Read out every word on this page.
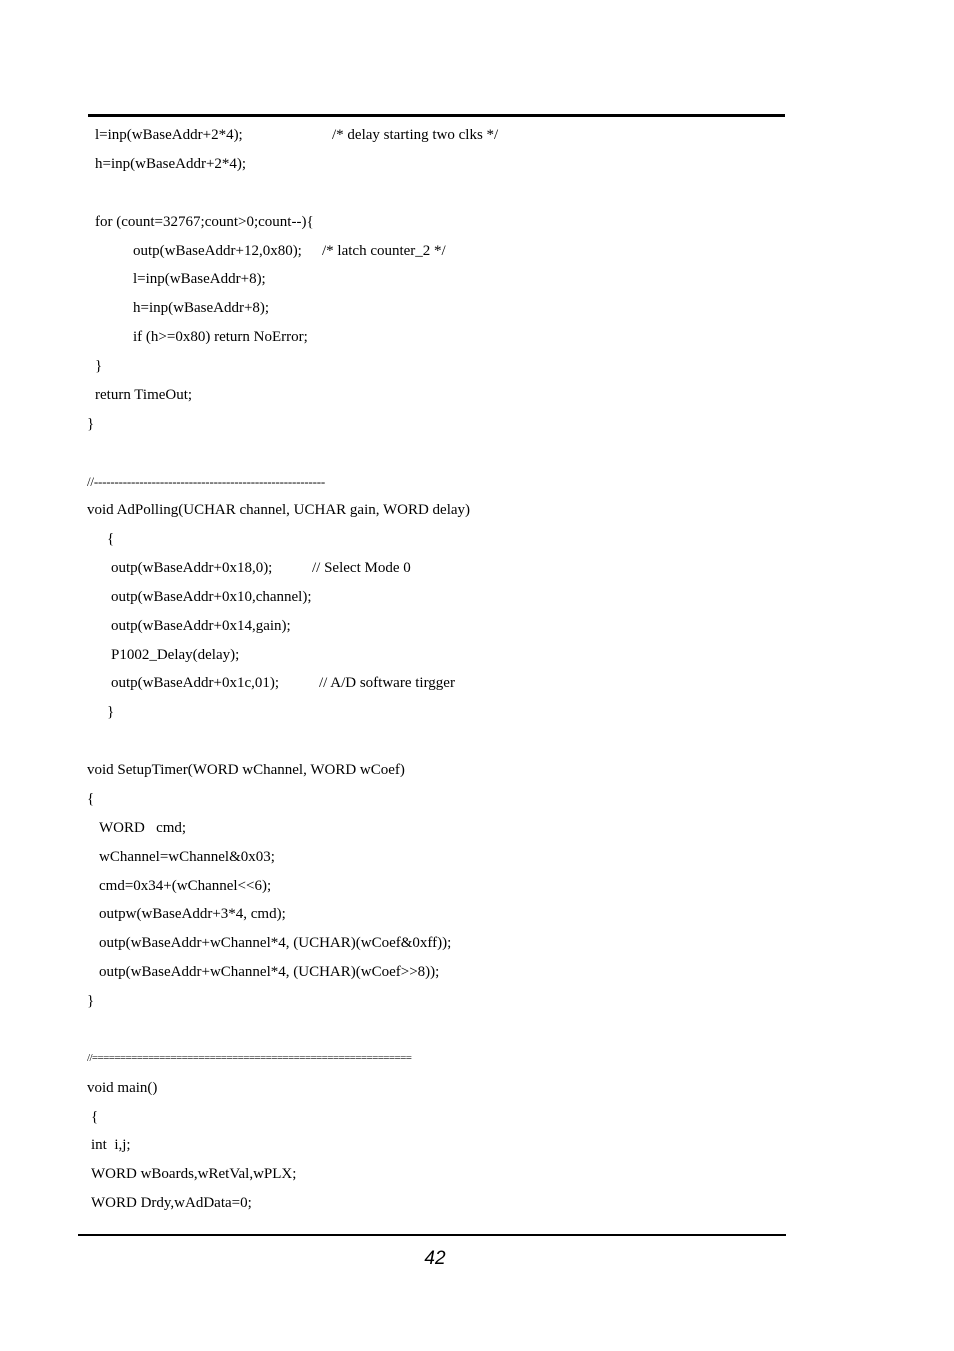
l=inp(wBaseAddr+2*4);	/* delay starting two clks */
h=inp(wBaseAddr+2*4);
for (count=32767;count>0;count--){
outp(wBaseAddr+12,0x80); /* latch counter_2 */
l=inp(wBaseAddr+8);
h=inp(wBaseAddr+8);
if (h>=0x80) return NoError;
}
return TimeOut;
}
//--------------------------------------------------------
void AdPolling(UCHAR channel, UCHAR gain, WORD delay)
{
outp(wBaseAddr+0x18,0);	// Select Mode 0
outp(wBaseAddr+0x10,channel);
outp(wBaseAddr+0x14,gain);
P1002_Delay(delay);
outp(wBaseAddr+0x1c,01);	// A/D software tirgger
}
void SetupTimer(WORD wChannel, WORD wCoef)
{
WORD   cmd;
wChannel=wChannel&0x03;
cmd=0x34+(wChannel<<6);
outpw(wBaseAddr+3*4, cmd);
outp(wBaseAddr+wChannel*4, (UCHAR)(wCoef&0xff));
outp(wBaseAddr+wChannel*4, (UCHAR)(wCoef>>8));
}
//=========================================================
void main()
{
int  i,j;
WORD wBoards,wRetVal,wPLX;
WORD Drdy,wAdData=0;
42
